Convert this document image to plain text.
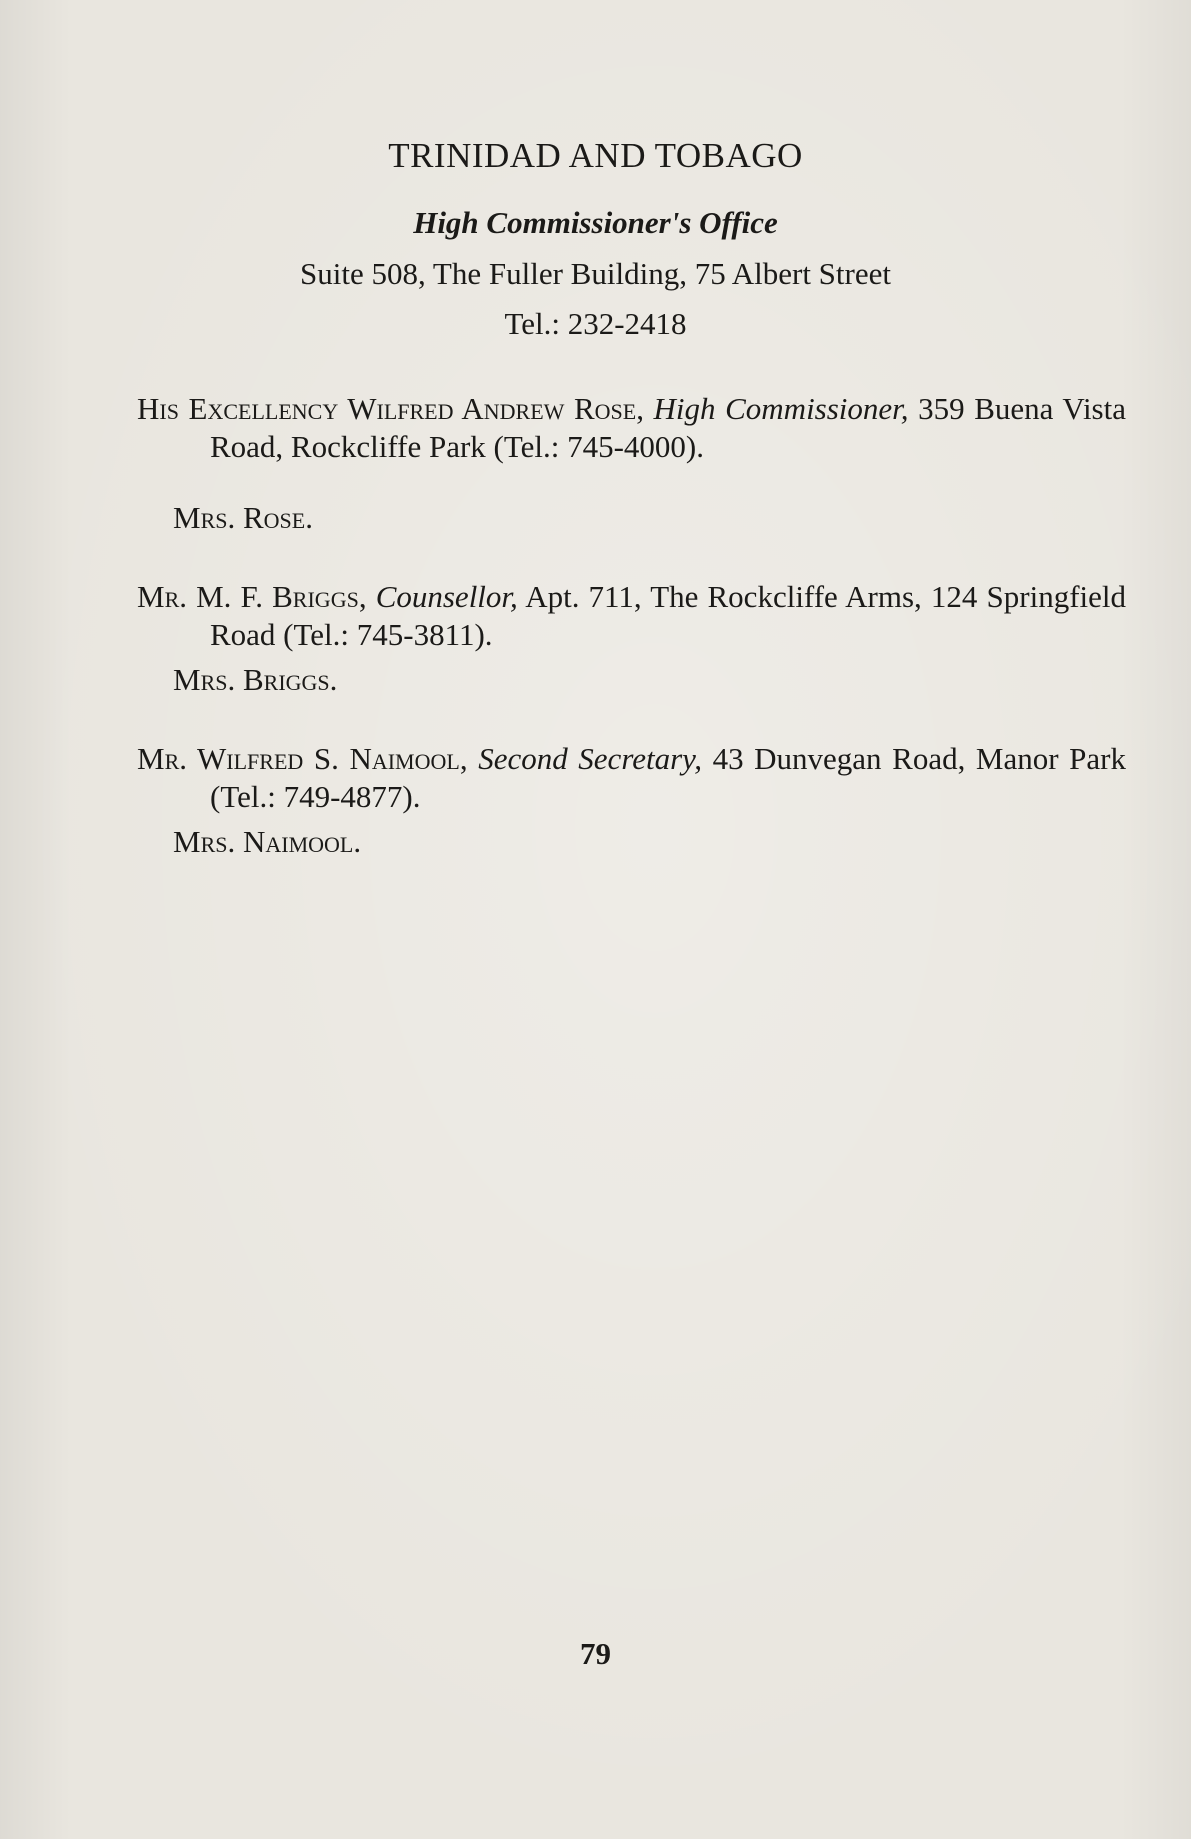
TRINIDAD AND TOBAGO
High Commissioner's Office
Suite 508, The Fuller Building, 75 Albert Street
Tel.: 232-2418
His Excellency Wilfred Andrew Rose, High Commissioner, 359 Buena Vista Road, Rockcliffe Park (Tel.: 745-4000).
Mrs. Rose.
Mr. M. F. Briggs, Counsellor, Apt. 711, The Rockcliffe Arms, 124 Springfield Road (Tel.: 745-3811).
Mrs. Briggs.
Mr. Wilfred S. Naimool, Second Secretary, 43 Dunvegan Road, Manor Park (Tel.: 749-4877).
Mrs. Naimool.
79
